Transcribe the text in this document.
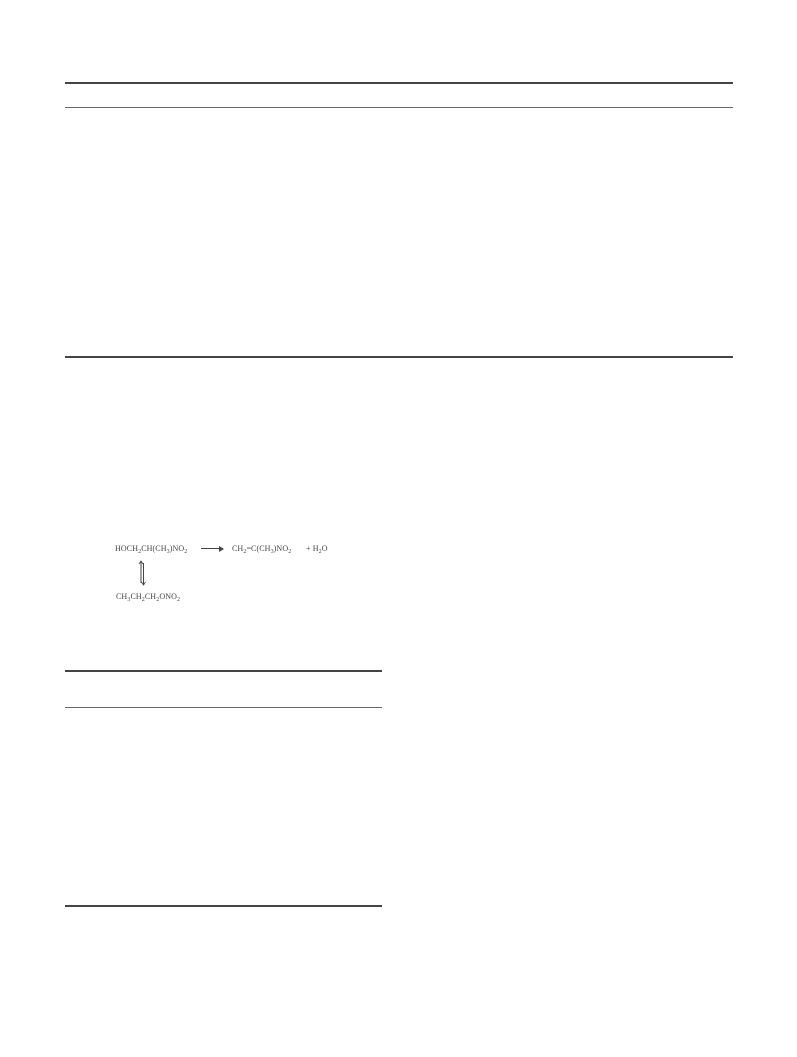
$HOCH_2CH(CH_3)NO_2 \to CH_2=C(CH_3)NO_2 + H_2O$
$CH_3CH_2CH_2ONO_2$
